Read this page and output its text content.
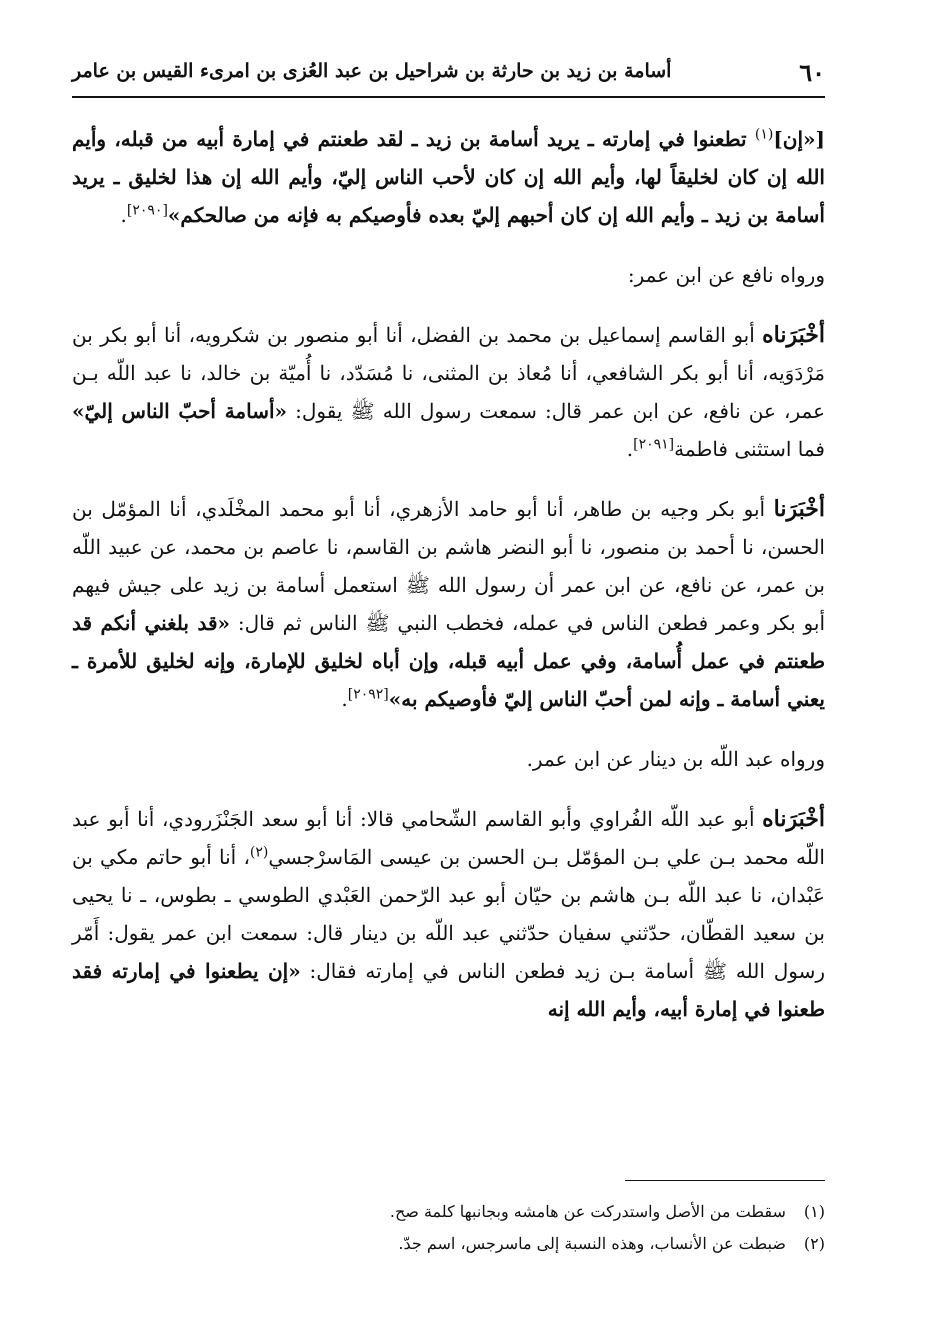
٦٠
أسامة بن زيد بن حارثة بن شراحيل بن عبد العُزى بن امرىء القيس بن عامر

[«إن]$^{(١)}$ تطعنوا في إمارته ـ يريد أسامة بن زيد ـ لقد طعنتم في إمارة أبيه من قبله، وأيم الله إن كان لخليقاً لها، وأيم الله إن كان لأحب الناس إليّ، وأيم الله إن هذا لخليق ـ يريد أسامة بن زيد ـ وأيم الله إن كان أحبهم إليّ بعده فأوصيكم به فإنه من صالحكم»[٢٠٩٠].

ورواه نافع عن ابن عمر:

أخْبَرَناه أبو القاسم إسماعيل بن محمد بن الفضل، أنا أبو منصور بن شكرويه، أنا أبو بكر بن مَرْدَوَيه، أنا أبو بكر الشافعي، أنا مُعاذ بن المثنى، نا مُسَدّد، نا أُميّة بن خالد، نا عبد اللّه بـن عمر، عن نافع، عن ابن عمر قال: سمعت رسول الله ﷺ يقول: «أسامة أحبّ الناس إليّ» فما استثنى فاطمة[٢٠٩١].

أخْبَرَنا أبو بكر وجيه بن طاهر، أنا أبو حامد الأزهري، أنا أبو محمد المخْلَدي، أنا المؤمّل بن الحسن، نا أحمد بن منصور، نا أبو النضر هاشم بن القاسم، نا عاصم بن محمد، عن عبيد اللّه بن عمر، عن نافع، عن ابن عمر أن رسول الله ﷺ استعمل أسامة بن زيد على جيش فيهم أبو بكر وعمر فطعن الناس في عمله، فخطب النبي ﷺ الناس ثم قال: «قد بلغني أنكم قد طعنتم في عمل أُسامة، وفي عمل أبيه قبله، وإن أباه لخليق للإمارة، وإنه لخليق للأمرة ـ يعني أسامة ـ وإنه لمن أحبّ الناس إليّ فأوصيكم به»[٢٠٩٢].

ورواه عبد اللّه بن دينار عن ابن عمر.

أخْبَرَناه أبو عبد اللّه الفُراوي وأبو القاسم الشّحامي قالا: أنا أبو سعد الجَنْزَرودي، أنا أبو عبد اللّه محمد بـن علي بـن المؤمّل بـن الحسن بن عيسى المَاسرْجسي$^{(٢)}$، أنا أبو حاتم مكي بن عَبْدان، نا عبد اللّه بـن هاشم بن حيّان أبو عبد الرّحمن العَبْدي الطوسي ـ بطوس، ـ نا يحيى بن سعيد القطّان، حدّثني سفيان حدّثني عبد اللّه بن دينار قال: سمعت ابن عمر يقول: أَمّر رسول الله ﷺ أسامة بـن زيد فطعن الناس في إمارته فقال: «إن يطعنوا في إمارته فقد طعنوا في إمارة أبيه، وأيم الله إنه

(١)
سقطت من الأصل واستدركت عن هامشه وبجانبها كلمة صح.
(٢)
ضبطت عن الأنساب، وهذه النسبة إلى ماسرجس، اسم جدّ.
